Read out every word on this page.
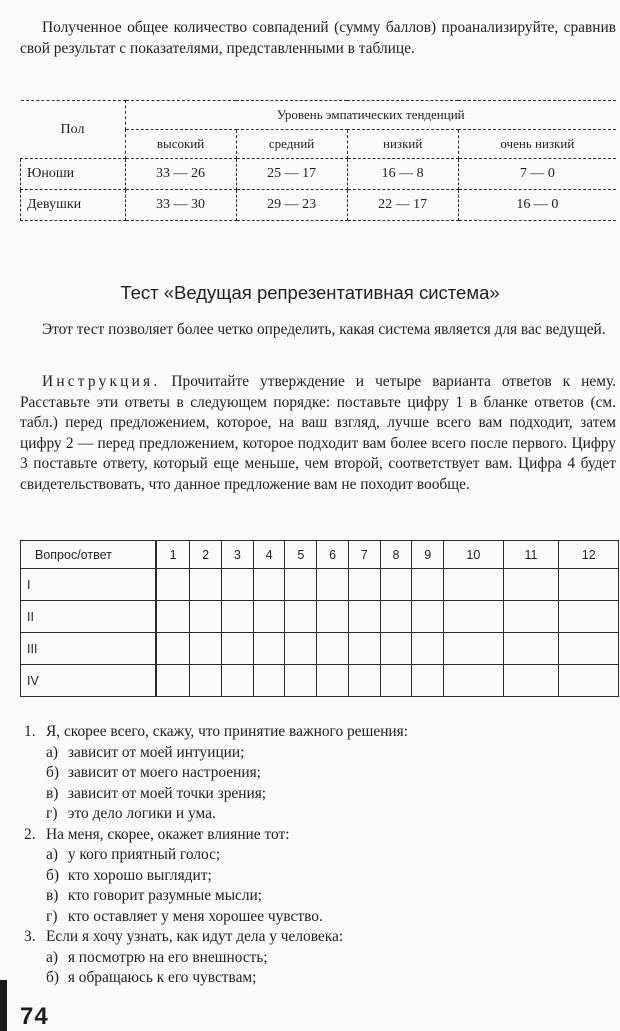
Полученное общее количество совпадений (сумму баллов) проанализируйте, сравнив свой результат с показателями, представленными в таблице.

Пол	Уровень эмпатических тенденций			
	высокий	средний	низкий	очень низкий
Юноши	33 — 26	25 — 17	16 — 8	7 — 0
Девушки	33 — 30	29 — 23	22 — 17	16 — 0
Тест «Ведущая репрезентативная система»

Этот тест позволяет более четко определить, какая система является для вас ведущей.

Инструкция. Прочитайте утверждение и четыре варианта ответов к нему. Расставьте эти ответы в следующем порядке: поставьте цифру 1 в бланке ответов (см. табл.) перед предложением, которое, на ваш взгляд, лучше всего вам подходит, затем цифру 2 — перед предложением, которое подходит вам более всего после первого. Цифру 3 поставьте ответу, который еще меньше, чем второй, соответствует вам. Цифра 4 будет свидетельствовать, что данное предложение вам не походит вообще.

Вопрос/ответ	1	2	3	4	5	6	7	8	9	10	11	12
I												
II												
III												
IV												
1. Я, скорее всего, скажу, что принятие важного решения:
а) зависит от моей интуиции;
б) зависит от моего настроения;
в) зависит от моей точки зрения;
г) это дело логики и ума.
2. На меня, скорее, окажет влияние тот:
а) у кого приятный голос;
б) кто хорошо выглядит;
в) кто говорит разумные мысли;
г) кто оставляет у меня хорошее чувство.
3. Если я хочу узнать, как идут дела у человека:
а) я посмотрю на его внешность;
б) я обращаюсь к его чувствам;
74
